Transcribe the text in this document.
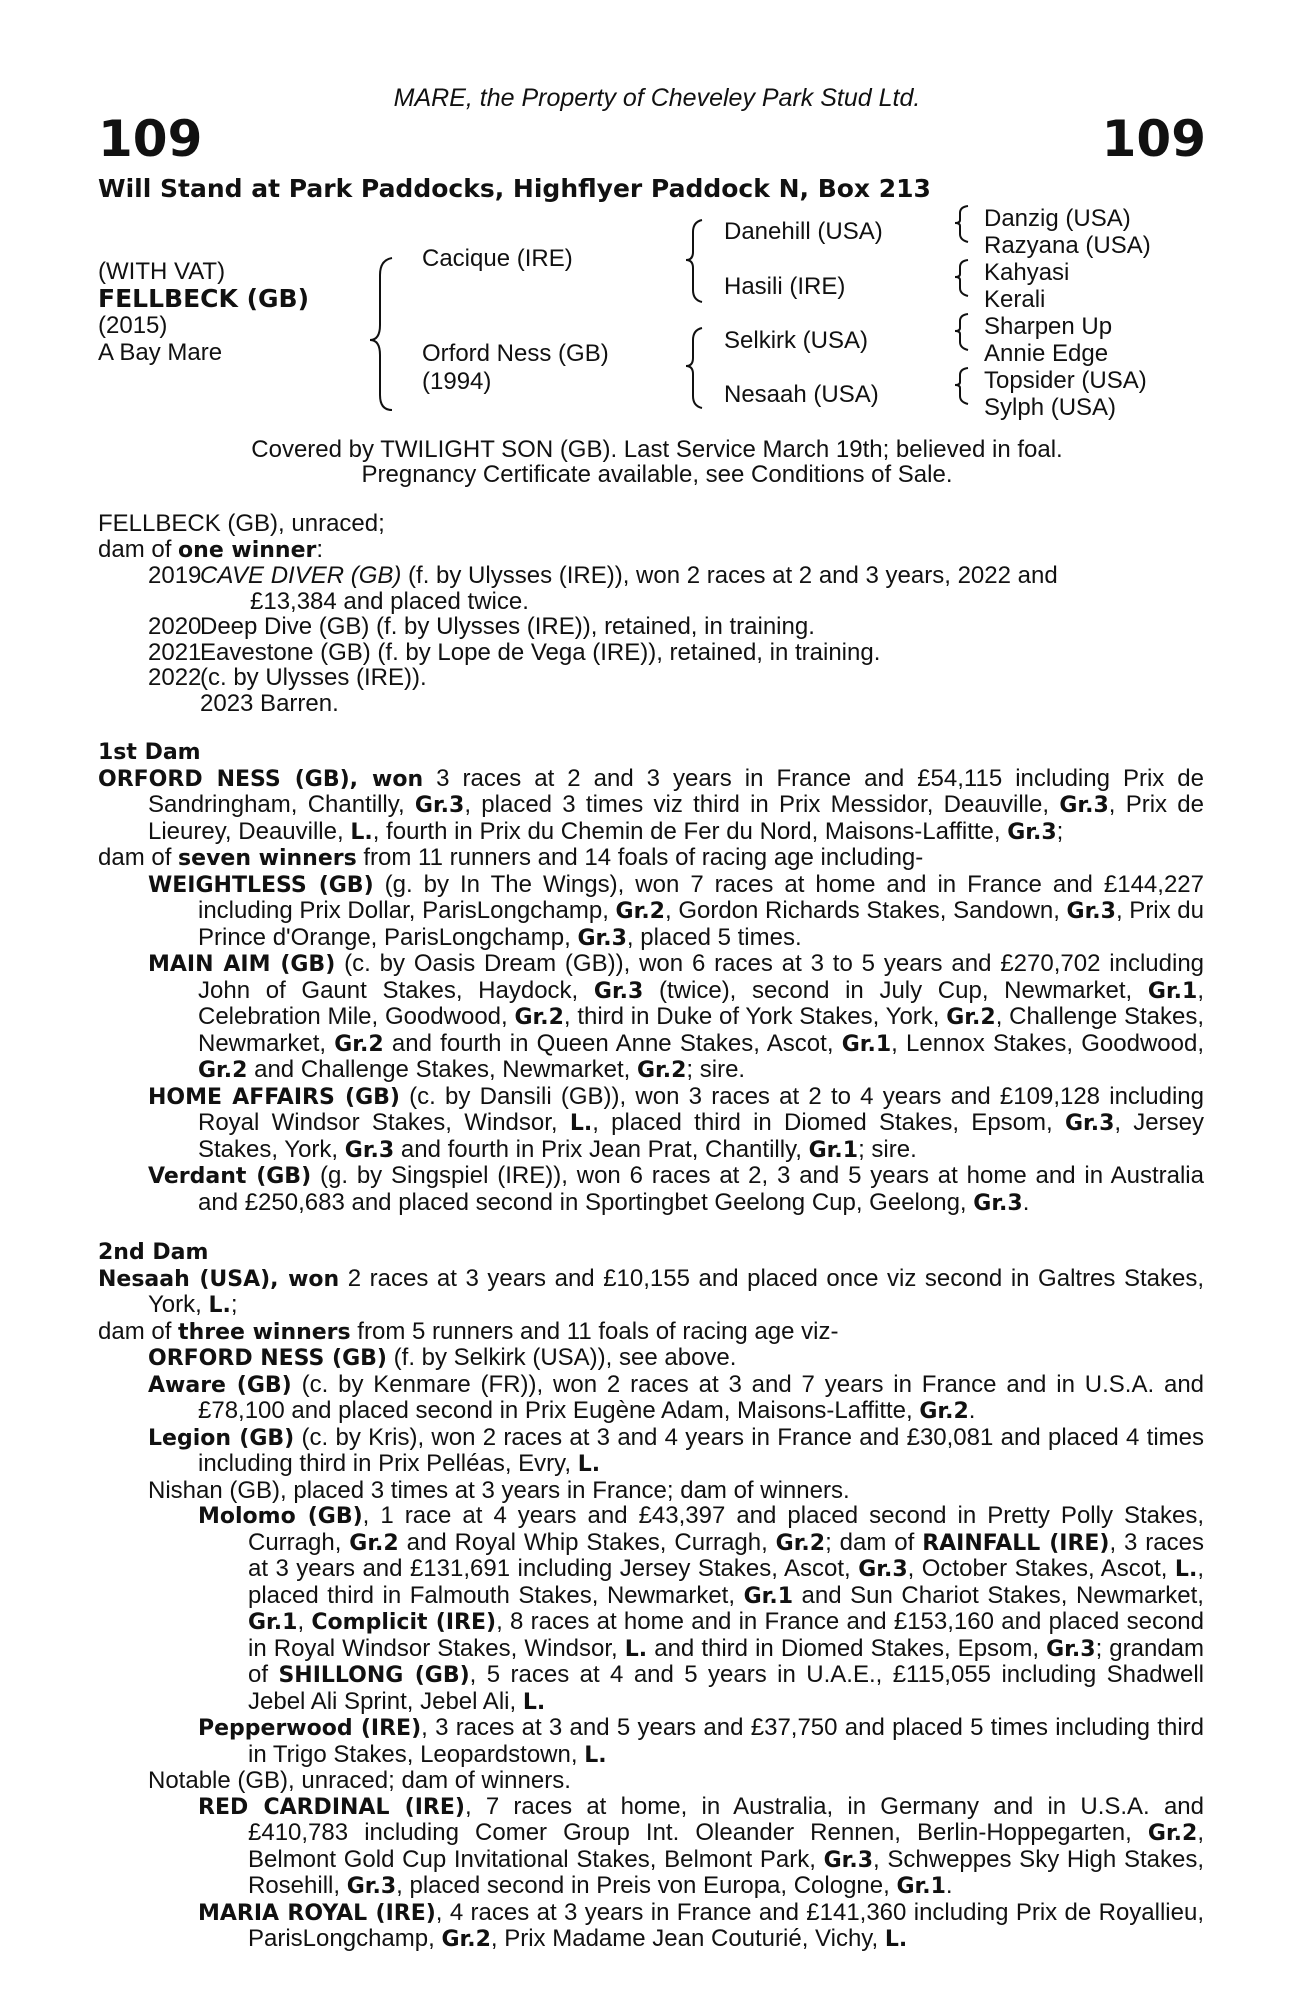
MARE, the Property of Cheveley Park Stud Ltd.
109	109
Will Stand at Park Paddocks, Highflyer Paddock N, Box 213
(WITH VAT)
FELLBECK (GB)
(2015)
A Bay Mare
Cacique (IRE)
Orford Ness (GB)
(1994)
Danehill (USA)
Hasili (IRE)
Selkirk (USA)
Nesaah (USA)
Danzig (USA)
Razyana (USA)
Kahyasi
Kerali
Sharpen Up
Annie Edge
Topsider (USA)
Sylph (USA)
Covered by TWILIGHT SON (GB). Last Service March 19th; believed in foal.
Pregnancy Certificate available, see Conditions of Sale.

FELLBECK (GB), unraced;

dam of one winner:

2019
CAVE DIVER (GB) (f. by Ulysses (IRE)), won 2 races at 2 and 3 years, 2022 and
£13,384 and placed twice.
2020
Deep Dive (GB) (f. by Ulysses (IRE)), retained, in training.
2021
Eavestone (GB) (f. by Lope de Vega (IRE)), retained, in training.
2022
(c. by Ulysses (IRE)).
2023 Barren.

1st Dam

ORFORD NESS (GB), won 3 races at 2 and 3 years in France and £54,115 including Prix de Sandringham, Chantilly, Gr.3, placed 3 times viz third in Prix Messidor, Deauville, Gr.3, Prix de Lieurey, Deauville, L., fourth in Prix du Chemin de Fer du Nord, Maisons-Laffitte, Gr.3;

dam of seven winners from 11 runners and 14 foals of racing age including-

WEIGHTLESS (GB) (g. by In The Wings), won 7 races at home and in France and £144,227 including Prix Dollar, ParisLongchamp, Gr.2, Gordon Richards Stakes, Sandown, Gr.3, Prix du Prince d'Orange, ParisLongchamp, Gr.3, placed 5 times.

MAIN AIM (GB) (c. by Oasis Dream (GB)), won 6 races at 3 to 5 years and £270,702 including John of Gaunt Stakes, Haydock, Gr.3 (twice), second in July Cup, Newmarket, Gr.1, Celebration Mile, Goodwood, Gr.2, third in Duke of York Stakes, York, Gr.2, Challenge Stakes, Newmarket, Gr.2 and fourth in Queen Anne Stakes, Ascot, Gr.1, Lennox Stakes, Goodwood, Gr.2 and Challenge Stakes, Newmarket, Gr.2; sire.

HOME AFFAIRS (GB) (c. by Dansili (GB)), won 3 races at 2 to 4 years and £109,128 including Royal Windsor Stakes, Windsor, L., placed third in Diomed Stakes, Epsom, Gr.3, Jersey Stakes, York, Gr.3 and fourth in Prix Jean Prat, Chantilly, Gr.1; sire.

Verdant (GB) (g. by Singspiel (IRE)), won 6 races at 2, 3 and 5 years at home and in Australia and £250,683 and placed second in Sportingbet Geelong Cup, Geelong, Gr.3.

2nd Dam

Nesaah (USA), won 2 races at 3 years and £10,155 and placed once viz second in Galtres Stakes, York, L.;

dam of three winners from 5 runners and 11 foals of racing age viz-

ORFORD NESS (GB) (f. by Selkirk (USA)), see above.

Aware (GB) (c. by Kenmare (FR)), won 2 races at 3 and 7 years in France and in U.S.A. and £78,100 and placed second in Prix Eugène Adam, Maisons-Laffitte, Gr.2.

Legion (GB) (c. by Kris), won 2 races at 3 and 4 years in France and £30,081 and placed 4 times including third in Prix Pelléas, Evry, L.

Nishan (GB), placed 3 times at 3 years in France; dam of winners.

Molomo (GB), 1 race at 4 years and £43,397 and placed second in Pretty Polly Stakes, Curragh, Gr.2 and Royal Whip Stakes, Curragh, Gr.2; dam of RAINFALL (IRE), 3 races at 3 years and £131,691 including Jersey Stakes, Ascot, Gr.3, October Stakes, Ascot, L., placed third in Falmouth Stakes, Newmarket, Gr.1 and Sun Chariot Stakes, Newmarket, Gr.1, Complicit (IRE), 8 races at home and in France and £153,160 and placed second in Royal Windsor Stakes, Windsor, L. and third in Diomed Stakes, Epsom, Gr.3; grandam of SHILLONG (GB), 5 races at 4 and 5 years in U.A.E., £115,055 including Shadwell Jebel Ali Sprint, Jebel Ali, L.

Pepperwood (IRE), 3 races at 3 and 5 years and £37,750 and placed 5 times including third in Trigo Stakes, Leopardstown, L.

Notable (GB), unraced; dam of winners.

RED CARDINAL (IRE), 7 races at home, in Australia, in Germany and in U.S.A. and £410,783 including Comer Group Int. Oleander Rennen, Berlin-Hoppegarten, Gr.2, Belmont Gold Cup Invitational Stakes, Belmont Park, Gr.3, Schweppes Sky High Stakes, Rosehill, Gr.3, placed second in Preis von Europa, Cologne, Gr.1.

MARIA ROYAL (IRE), 4 races at 3 years in France and £141,360 including Prix de Royallieu, ParisLongchamp, Gr.2, Prix Madame Jean Couturié, Vichy, L.
